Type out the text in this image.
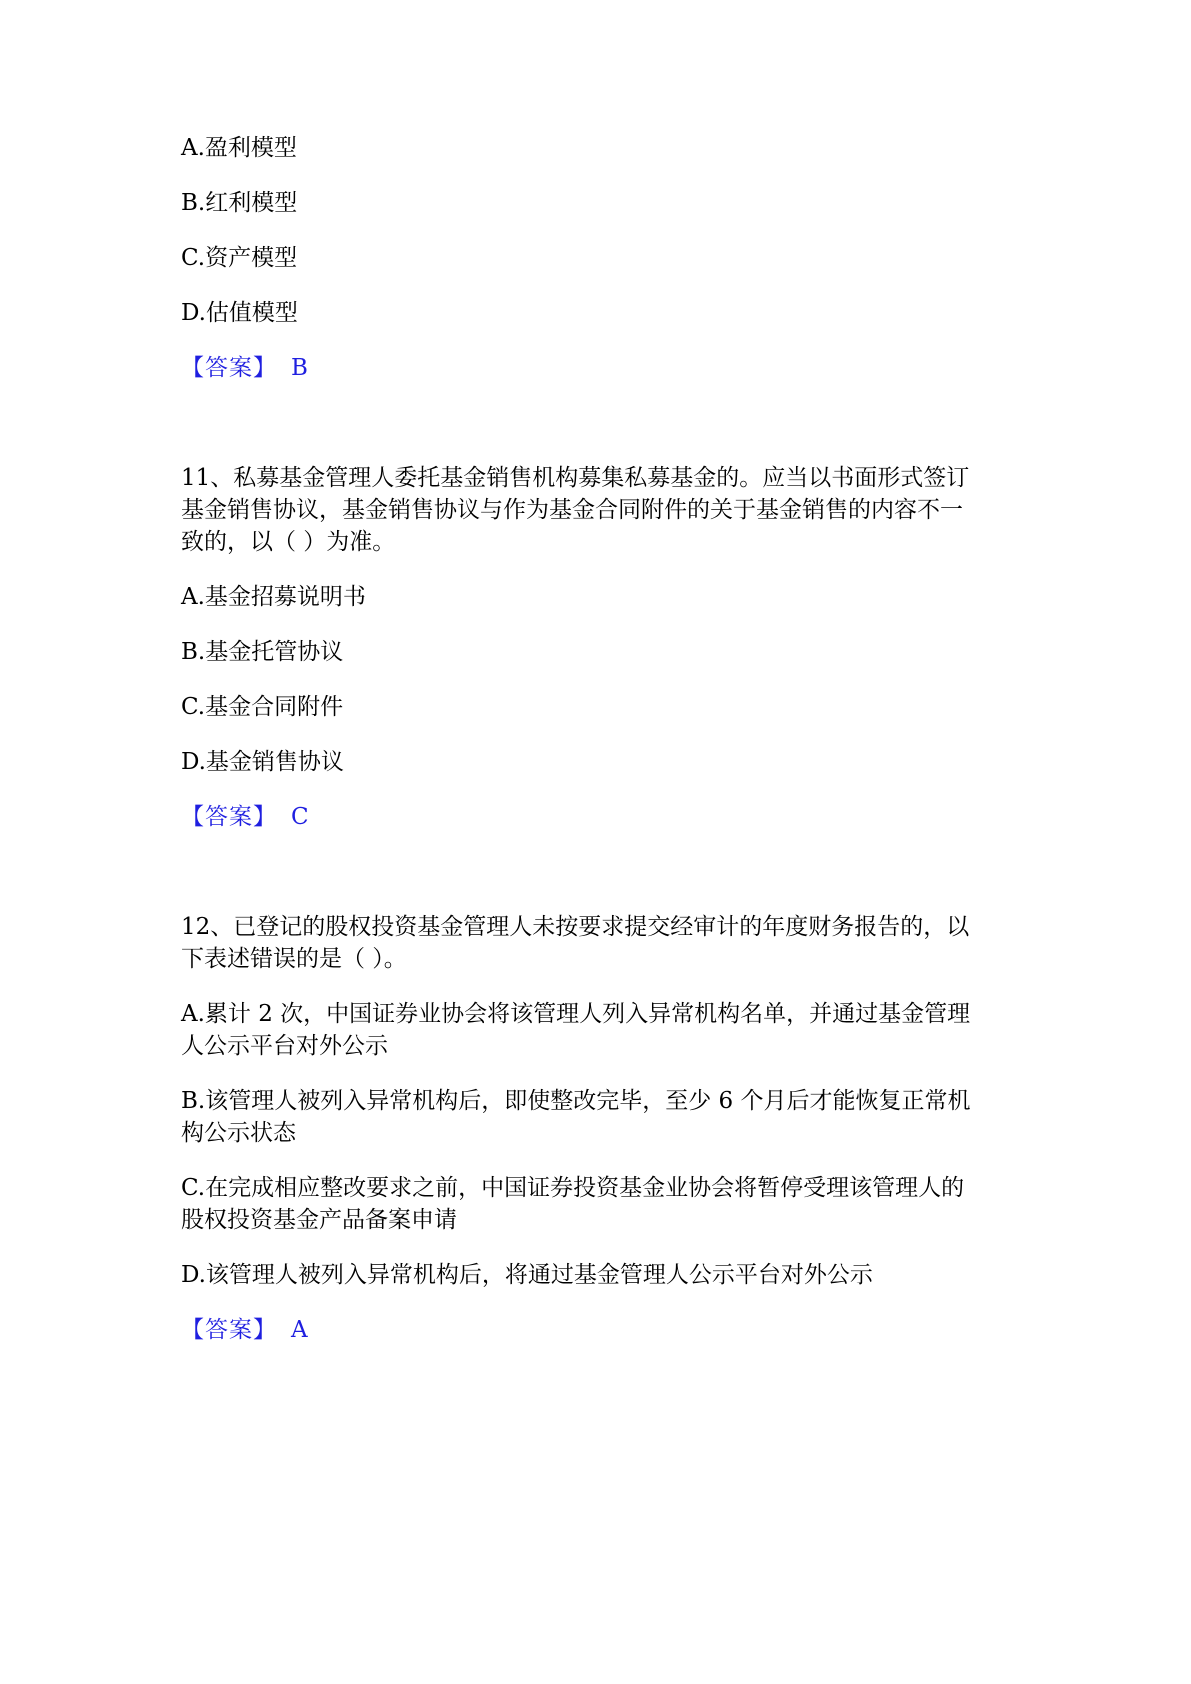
A.盈利模型
B.红利模型
C.资产模型
D.估值模型
【答案】 B
11、私募基金管理人委托基金销售机构募集私募基金的。应当以书面形式签订
基金销售协议，基金销售协议与作为基金合同附件的关于基金销售的内容不一
致的，以（ ）为准。
A.基金招募说明书
B.基金托管协议
C.基金合同附件
D.基金销售协议
【答案】 C
12、已登记的股权投资基金管理人未按要求提交经审计的年度财务报告的，以
下表述错误的是（ ）。
A.累计 2 次，中国证券业协会将该管理人列入异常机构名单，并通过基金管理
人公示平台对外公示
B.该管理人被列入异常机构后，即使整改完毕，至少 6 个月后才能恢复正常机
构公示状态
C.在完成相应整改要求之前，中国证券投资基金业协会将暂停受理该管理人的
股权投资基金产品备案申请
D.该管理人被列入异常机构后，将通过基金管理人公示平台对外公示
【答案】 A
